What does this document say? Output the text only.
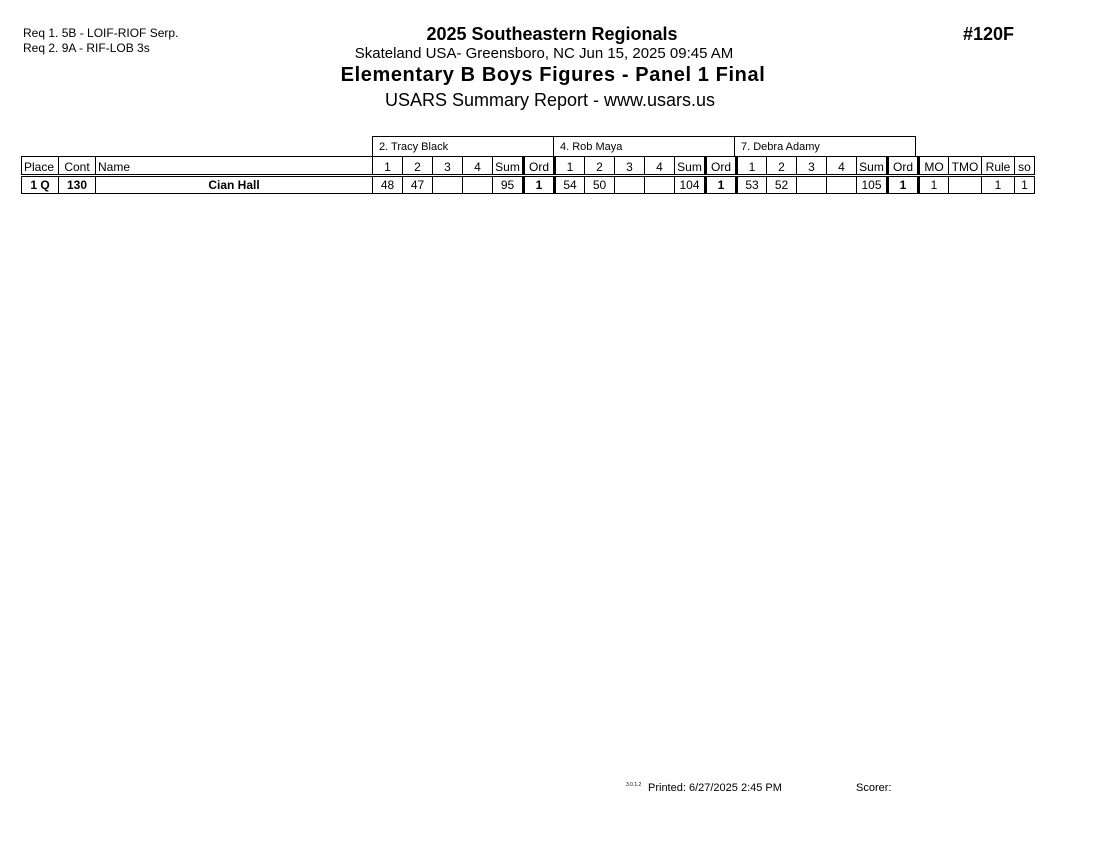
Req 1. 5B - LOIF-RIOF Serp.
Req 2. 9A - RIF-LOB 3s
2025 Southeastern Regionals
Skateland USA- Greensboro, NC Jun 15, 2025 09:45 AM
Elementary B Boys Figures - Panel 1 Final
USARS Summary Report - www.usars.us
#120F
2. Tracy Black	4. Rob Maya	7. Debra Adamy
Place	Cont	Name	1	2	3	4	Sum	Ord	1	2	3	4	Sum	Ord	1	2	3	4	Sum	Ord	MO	TMO	Rule	so
1 Q	130	Cian Hall	48	47			95	1	54	50			104	1	53	52			105	1	1		1	1
3.0.1.2 Printed: 6/27/2025 2:45 PM	Scorer:
